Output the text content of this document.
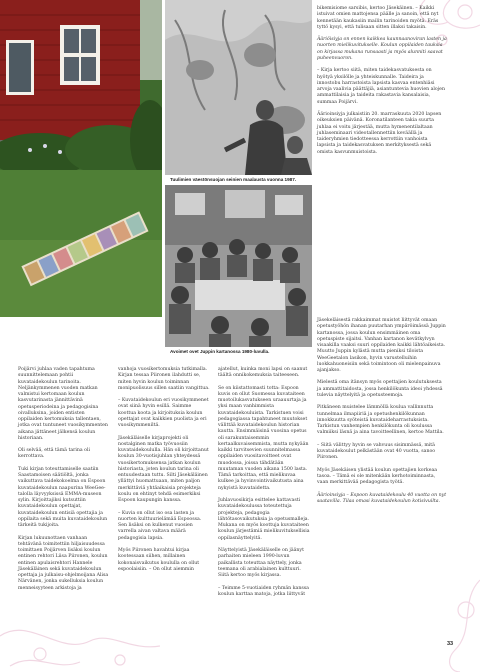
Tuulimien väestönsuojan seinien maalausta vuonna 1987.
Avoimet ovet Juppin kartanossa 1980-luvulla.

bikemisiome sarsibis, kertoo Jäsekäinen. – Kaikki istuivat omien mattojensa päälle ja sanoin, että nyt kennetään kaukasiin mailin tarinoiden myötä. Eräs tyttö kysyi, että tulisaan sitten illaksi takaisin.

Ääriöisiyja on ennen kaikkea kaunnaanoviran lasten ja nuorten mielikuvitukselle. Koulun oppilaiden tauksia on kirjassa mukana runsaasti ja myös alunniti saavat puheenvuoron.

– Kirja kertoo siitä, miten taidekasvatuksesta on hyötyä yksilölle ja yhteiskunnalle. Taideira ja innostobu harrastoista lapsista kasvaa entenhiäsi arvoja vaalivia päättäjiä, asiantuntevia huovien alojen ammattilaisia ja taideita rakastavia kansalaisia, summaa Poijärvi.

Äärioinsiyja julkaistiin 20. marraskuuta 2020 lapsen oikeuksien päivänä. Koronatilanteen takia suurta juhlaa ei voitu järjestää, mutta hymenentilaltaan juhlaseminaari videotallennettiin keväällä ja taideryhmien tiedotteessa kerrottiin vanhoista lapsista ja taidekasvatuksen merkityksestä sekä omista kasvunmuistoista.

Jäsekeläisestä rakkaimmat muistot liittyvät omaan opetustyöhön ihanan puutarhan ympäröimässä Juppin kartanossa, jossa koulun ensimmäinen oma opetuspiste sijaitsi. Vanhan kartanon kevätkylvyn visaakilla vaaksi suuri oppilaiden kaikki lähtöaikeista. Muutto Juppin kylästä mutta pieniksi tiloista WeeGeetalon lasikon, hyvin varustelluihin luokkahuoneisiin sekä toimintoon oli mielenpainuva ajanjakso.

Mielestä oma itänsyn myös opettajien koulutuksesta ja ammattitaidosta, jossa henkilökunta ideoi yhdessä tulevia näyttelyitä ja opetusteemoja.

Pitkäneen muistelee lämmöllä koulua vallinnutta tunnelmaa ilmapiiriä ja opetushenkilökunnan innokkuutta syöteistä kuvataideharrastuksista. Tarkistun vanhempien henkilökunta oli koulussa valmiiksi läsnä ja aina tavoitteellinen, kertoo Mattila.

– Siitä välittyy hyvin se vahvuus sisimmässä, mitä kuvataidekoulut pelkästään ovat 40 vuotta, sanoo Piironen.

Myös Jäsekäisen ylistää koulun opettajien korkeaa tasoa. – Tämä ei ole mitenkään kerhotoiminnasta, vaan merkittävää pedagogista työtä.

Äärioinsiyja – Espoon kuvataidekoulu 40 vuotta on nyt saatavilla. Tilaa omasi kuvataidekoulun kotisivuilta.

Poijärvi juhlaa vaden tapahtuma suunnittelemaan pohtii kuvataidekoulun tarinoita. Neljänkymmenen vuoden matkan valmistui kertomaan koulun kasvutarinasta jännittävinä opetusperiodeina ja pedagogisina oivalluksina, joiden entisten oppilaiden kertomuksia tallentaen, jotka ovat tuntuneet vuosikymmenten aikana jättäneet jälkensä koulun historiaan.

Oli selvää, että tämä tarina oli kerrottava.

Tuki kirjan toteuttamiselle saatiin Saastamoisen säätiöltä, jonka vaikuttava taidekokoelma on Espoon kuvataidekoulun naapurina WeeGee-talolla läyvyyksissä EMMA-museon sylin. Kirjoittajiksi kutsuttiin kuvataidekoulun opettajat, kuvataidekoulun entisiä opettajia ja oppilaita sekä muita kuvataidekoulun tärkeitä tukijoita.

Kirjan lukuunottaen vanhaan tehtävänä toimitettiin hiljaisuudessa toimittaen Poijärven lisäksi koulun entinen rehtori Liisa Piironen, koulun entinen apulaisrehtori Hannele Jäsekäläinen sekä kuvataidekoulun opettaja ja julkaisu-ohjelmoijana Alisa Närvänen, jonka sukelluksia koulun menneisyyteen arkistoja ja

vanhoja vuosikertomuksia tutkimalla. Kirjan tessaa Piironen ilahdutti se, miten hyvin koulun toiminnan monipuolisuus sillen saatiin vangittua.

– Kuvataidekoulun eri vuosikymmenet ovat siinä hyvin esillä. Saimme koottua koota ja kirjoituksia koulun opettajat ovat kaikkien puolista ja eri vuosikymmeniltä.

Jäsekäläiselle kirjaprojekti oli nostalginen matka työvuosiin kuvataidekoululla. Hän oli kirjoittanut koulun 30-vuotisjuhlan yhteydessä vuosikertomuksensa jatkan koulun historiasta, joten koulun tarina oli entuudestaan tuttu. Silti Jäsekäläinen yllättyi huomattuaan, miten paljon merkittäviä yhtäaikaisia projekteja koulu on ehtinyt tehdä esimerkiksi Espoon kaupungin kanssa.

– Kuvia on ollut iso osa lasten ja nuorten kulttuurielämää Espoossa. Sen lisäksi on kulkenut vuosien varrella aivan valtava määrä pedagogisia lapsia.

Myös Piironen havahtui kirjaa kootessaan siihen, millainen kokonaisvaikutus koululla on ollut espoolaisiin. – On ollut aiemmin

ajatellut, kuinka moni lapsi on saanut täältä onnikokemuksia taiteeseen.

Se on kiistattomasti totta: Espoon kuvis on ollut Suomessa kuvataiteen muotoilukasvatukseen uraauurtaja ja yksi maan vanhimmista kuvataidekouluista. Tarkistuen voisi pedagogiassa tapahtuneet muutokset välittää kuvataidekoulun historian kautta. Ensimmäisinä vuosina opetus oli sarakuntaisemmin kertaalkuvaisemmista, mutta nykyään kaikki tarvitsevien suunnitelmassa oppilaiden vuositavoitteet ovat muodossa, joissa tähdätään muutaman vuoden aikana 1500 lasta. Tämä tarkoittaa, että mielikuvaa kulkee ja hyvinvointivaikutusta aina nykyistä kuvataidetta.

Juhlavuosikirja esittelee kattavasti kuvataidekoulussa toteutettuja projekteja, pedagogia lähtötasovaikutuksia ja opetusmalleja. Mukana on myös koottuja kuvataiteen koulun järjestämiä mielikuvituksellisia oppilasnäyttelyitä.

Näyttelyistä Jäsekäläiselle on jäänyt parhaiten mieleen 1990-luvun paikallista toteuttaa näyttely, jonka teemana oli arabialainen kulttuuri. Siitä kertoo myös kirjassa.

– Teimme 5-vuotiaiden ryhmän kanssa koulun karttaa matoja, jotka liittyvät

33
